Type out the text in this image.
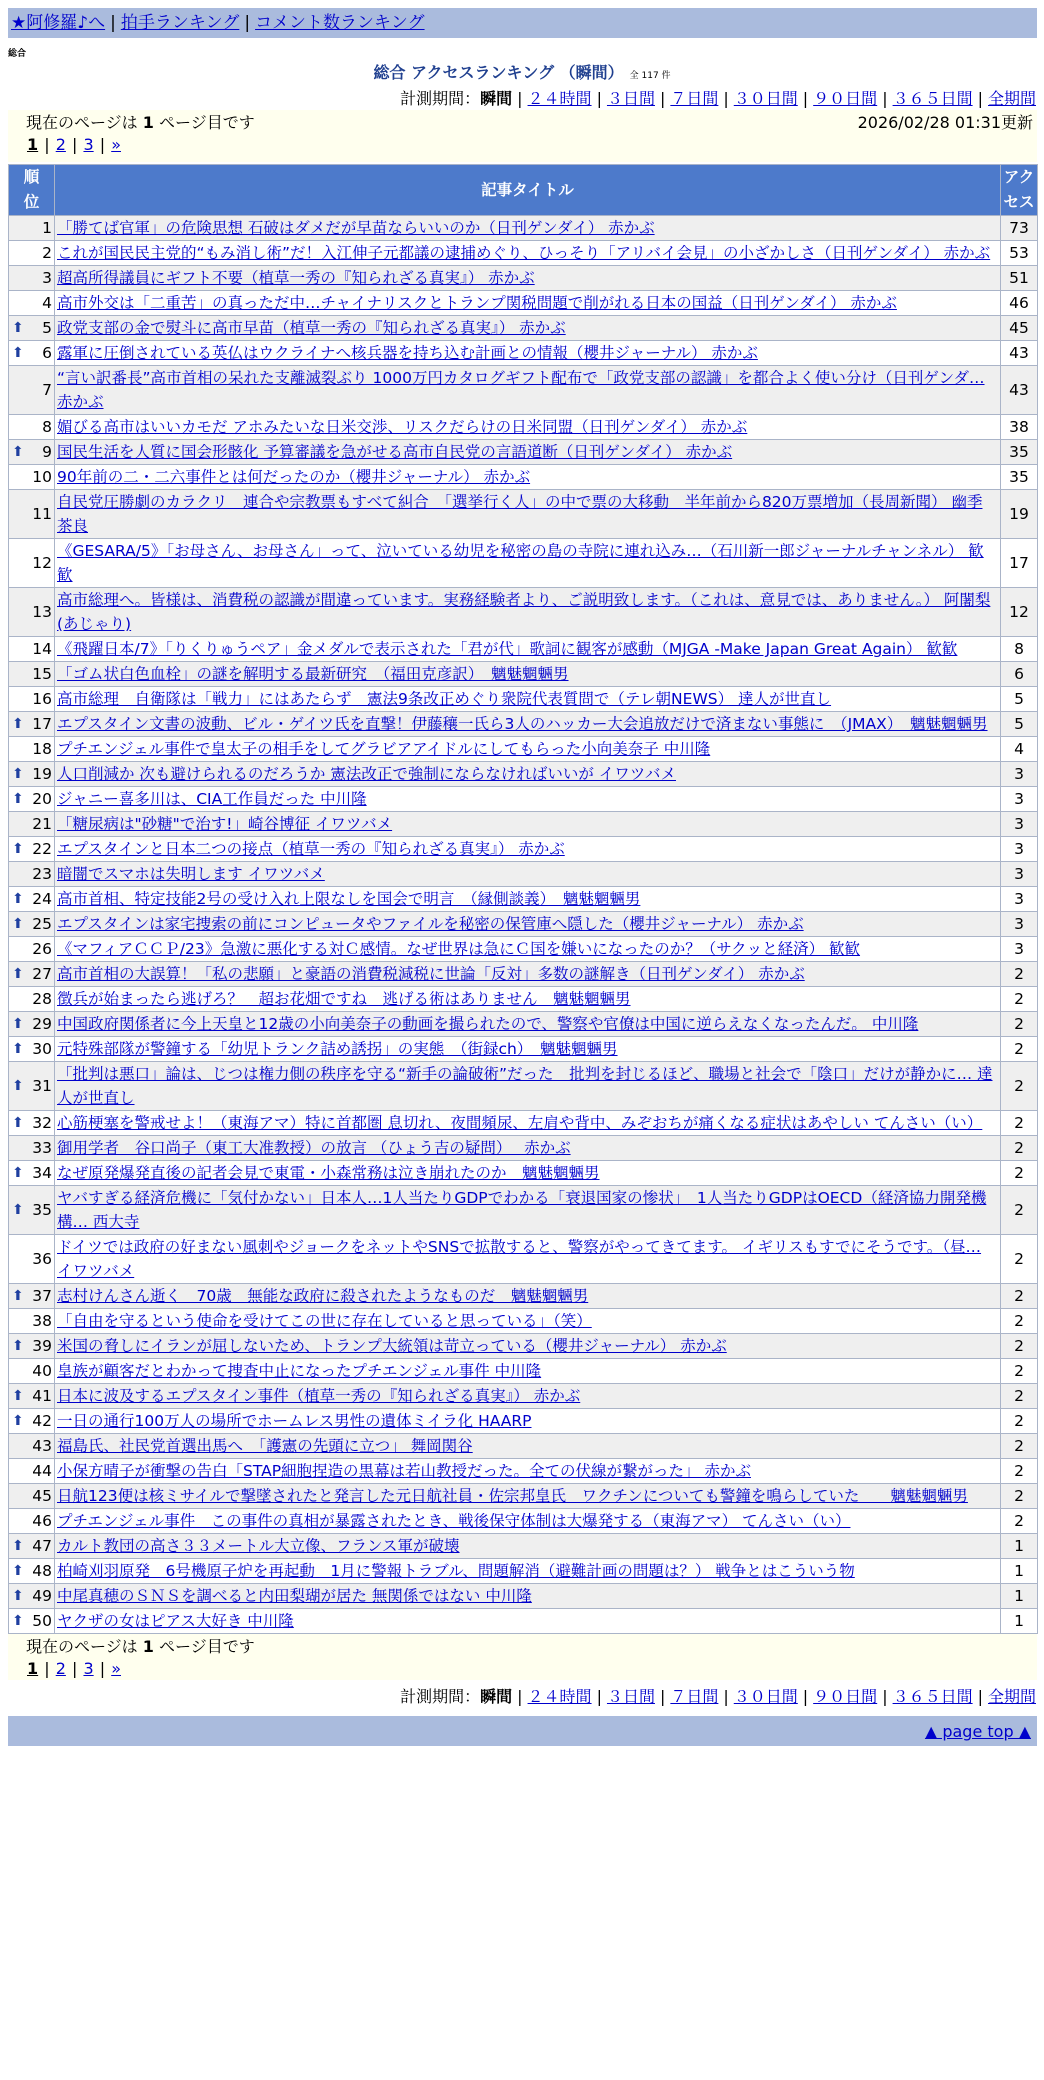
★阿修羅♪へ | 拍手ランキング | コメント数ランキング
総合
総合 アクセスランキング （瞬間） 全 117 件
計測期間：瞬間 | ２４時間 | ３日間 | ７日間 | ３０日間 | ９０日間 | ３６５日間 | 全期間
現在のページは 1 ページ目です	2026/02/28 01:31更新
1 | 2 | 3 | »
順
位	記事タイトル	アク
セス
1	「勝てば官軍」の危険思想 石破はダメだが早苗ならいいのか（日刊ゲンダイ） 赤かぶ	73
2	これが国民民主党的“もみ消し術”だ！入江伸子元都議の逮捕めぐり、ひっそり「アリバイ会見」の小ざかしさ（日刊ゲンダイ） 赤かぶ	53
3	超高所得議員にギフト不要（植草一秀の『知られざる真実』） 赤かぶ	51
4	高市外交は「二重苦」の真っただ中…チャイナリスクとトランプ関税問題で削がれる日本の国益（日刊ゲンダイ） 赤かぶ	46

⬆ 5	政党支部の金で熨斗に高市早苗（植草一秀の『知られざる真実』） 赤かぶ	45

⬆ 6	露軍に圧倒されている英仏はウクライナへ核兵器を持ち込む計画との情報（櫻井ジャーナル） 赤かぶ	43
7	“言い訳番長”高市首相の呆れた支離滅裂ぶり 1000万円カタログギフト配布で「政党支部の認識」を都合よく使い分け（日刊ゲンダ… 赤かぶ	43
8	媚びる高市はいいカモだ アホみたいな日米交渉、リスクだらけの日米同盟（日刊ゲンダイ） 赤かぶ	38

⬆ 9	国民生活を人質に国会形骸化 予算審議を急がせる高市自民党の言語道断（日刊ゲンダイ） 赤かぶ	35
10	90年前の二・二六事件とは何だったのか（櫻井ジャーナル） 赤かぶ	35
11	自民党圧勝劇のカラクリ　連合や宗教票もすべて糾合　「選挙行く人」の中で票の大移動　半年前から820万票増加（長周新聞） 幽季 茶良	19
12	《GESARA/5》「お母さん、お母さん」って、泣いている幼児を秘密の島の寺院に連れ込み…（石川新一郎ジャーナルチャンネル） 歓歓	17
13	高市総理へ。皆様は、消費税の認識が間違っています。実務経験者より、ご説明致します。（これは、意見では、ありません。） 阿闍梨(あじゃり)	12
14	《飛躍日本/7》「りくりゅうペア」金メダルで表示された「君が代」歌詞に観客が感動（MJGA -Make Japan Great Again） 歓歓	8
15	「ゴム状白色血栓」の謎を解明する最新研究　（福田克彦訳）　魑魅魍魎男	6
16	高市総理　自衛隊は「戦力」にはあたらず　憲法9条改正めぐり衆院代表質問で（テレ朝NEWS） 達人が世直し	5

⬆ 17	エプスタイン文書の波動、ビル・ゲイツ氏を直撃！伊藤穰一氏ら3人のハッカー大会追放だけで済まない事態に　（JMAX）　魑魅魍魎男	5
18	プチエンジェル事件で皇太子の相手をしてグラビアアイドルにしてもらった小向美奈子 中川隆	4

⬆ 19	人口削減か 次も避けられるのだろうか 憲法改正で強制にならなければいいが イワツバメ	3

⬆ 20	ジャニー喜多川は、CIA工作員だった 中川隆	3
21	「糖尿病は"砂糖"で治す!」崎谷博征 イワツバメ	3

⬆ 22	エプスタインと日本二つの接点（植草一秀の『知られざる真実』） 赤かぶ	3
23	暗闇でスマホは失明します イワツバメ	3

⬆ 24	高市首相、特定技能2号の受け入れ上限なしを国会で明言　（縁側談義）　魑魅魍魎男	3

⬆ 25	エプスタインは家宅捜索の前にコンピュータやファイルを秘密の保管庫へ隠した（櫻井ジャーナル） 赤かぶ	3
26	《マフィアＣＣＰ/23》急激に悪化する対Ｃ感情。なぜ世界は急にＣ国を嫌いになったのか？（サクッと経済） 歓歓	3

⬆ 27	高市首相の大誤算！「私の悲願」と豪語の消費税減税に世論「反対」多数の謎解き（日刊ゲンダイ） 赤かぶ	2
28	徴兵が始まったら逃げろ？　超お花畑ですね　逃げる術はありません　魑魅魍魎男	2

⬆ 29	中国政府関係者に今上天皇と12歳の小向美奈子の動画を撮られたので、警察や官僚は中国に逆らえなくなったんだ。 中川隆	2

⬆ 30	元特殊部隊が警鐘する「幼児トランク詰め誘拐」の実態　（街録ch）　魑魅魍魎男	2

⬆ 31	「批判は悪口」論は、じつは権力側の秩序を守る“新手の論破術”だった　批判を封じるほど、職場と社会で「陰口」だけが静かに… 達人が世直し	2

⬆ 32	心筋梗塞を警戒せよ！（東海アマ）特に首都圏 息切れ、夜間頻尿、左肩や背中、みぞおちが痛くなる症状はあやしい てんさい（い）	2
33	御用学者　谷口尚子（東工大准教授）の放言 （ひょう吉の疑問）　 赤かぶ	2

⬆ 34	なぜ原発爆発直後の記者会見で東電・小森常務は泣き崩れたのか　魑魅魍魎男	2

⬆ 35	ヤバすぎる経済危機に「気付かない」日本人…1人当たりGDPでわかる「衰退国家の惨状」　1人当たりGDPはOECD（経済協力開発機構… 西大寺	2
36	ドイツでは政府の好まない風刺やジョークをネットやSNSで拡散すると、警察がやってきてます。 イギリスもすでにそうです。（昼… イワツバメ	2

⬆ 37	志村けんさん逝く　70歳　無能な政府に殺されたようなものだ　魑魅魍魎男	2
38	「自由を守るという使命を受けてこの世に存在していると思っている」（笑）	2

⬆ 39	米国の脅しにイランが屈しないため、トランプ大統領は苛立っている（櫻井ジャーナル） 赤かぶ	2
40	皇族が顧客だとわかって捜査中止になったプチエンジェル事件 中川隆	2

⬆ 41	日本に波及するエプスタイン事件（植草一秀の『知られざる真実』） 赤かぶ	2

⬆ 42	一日の通行100万人の場所でホームレス男性の遺体ミイラ化 HAARP	2
43	福島氏、社民党首選出馬へ　「護憲の先頭に立つ」 舞岡関谷	2
44	小保方晴子が衝撃の告白「STAP細胞捏造の黒幕は若山教授だった。全ての伏線が繋がった」 赤かぶ	2
45	日航123便は核ミサイルで撃墜されたと発言した元日航社員・佐宗邦皇氏　ワクチンについても警鐘を鳴らしていた　　魑魅魍魎男	2
46	プチエンジェル事件　この事件の真相が暴露されたとき、戦後保守体制は大爆発する（東海アマ） てんさい（い）	2

⬆ 47	カルト教団の高さ３３メートル大立像、フランス軍が破壊	1

⬆ 48	柏崎刈羽原発　6号機原子炉を再起動　1月に警報トラブル、問題解消（避難計画の問題は？） 戦争とはこういう物	1

⬆ 49	中尾真穂のＳＮＳを調べると内田梨瑚が居た 無関係ではない 中川隆	1

⬆ 50	ヤクザの女はピアス大好き 中川隆	1
現在のページは 1 ページ目です
1 | 2 | 3 | »
計測期間：瞬間 | ２４時間 | ３日間 | ７日間 | ３０日間 | ９０日間 | ３６５日間 | 全期間
▲ page top ▲
